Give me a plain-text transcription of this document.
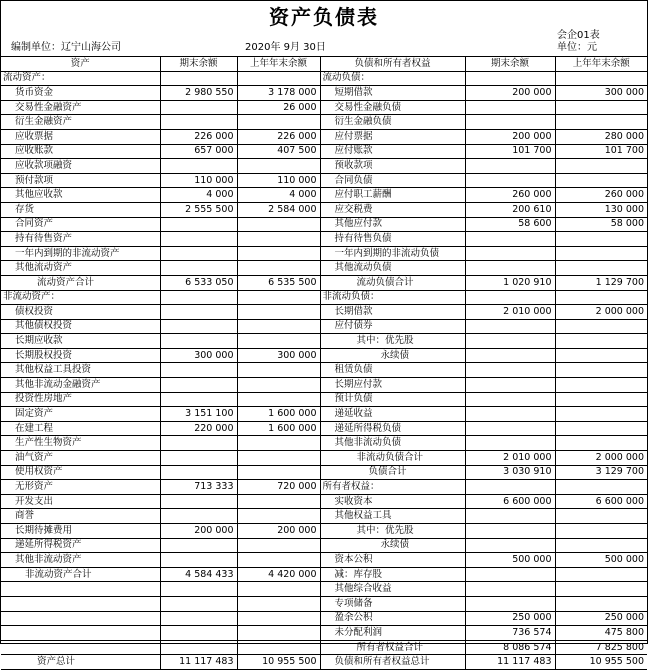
资产负债表
会企01表
单位：元
编制单位：辽宁山海公司	2020年 9月 30日
资产	期末余额	上年年末余额	负债和所有者权益	期末余额	上年年末余额
流动资产：			流动负债：		
货币资金	2 980 550	3 178 000	短期借款	200 000	300 000
交易性金融资产		26 000	交易性金融负债		
衍生金融资产			衍生金融负债		
应收票据	226 000	226 000	应付票据	200 000	280 000
应收账款	657 000	407 500	应付账款	101 700	101 700
应收款项融资			预收款项		
预付款项	110 000	110 000	合同负债		
其他应收款	4 000	4 000	应付职工薪酬	260 000	260 000
存货	2 555 500	2 584 000	应交税费	200 610	130 000
合同资产			其他应付款	58 600	58 000
持有待售资产			持有待售负债		
一年内到期的非流动资产			一年内到期的非流动负债		
其他流动资产			其他流动负债		
流动资产合计	6 533 050	6 535 500	流动负债合计	1 020 910	1 129 700
非流动资产：			非流动负债：		
债权投资			长期借款	2 010 000	2 000 000
其他债权投资			应付债券		
长期应收款			其中：优先股		
长期股权投资	300 000	300 000	永续债		
其他权益工具投资			租赁负债		
其他非流动金融资产			长期应付款		
投资性房地产			预计负债		
固定资产	3 151 100	1 600 000	递延收益		
在建工程	220 000	1 600 000	递延所得税负债		
生产性生物资产			其他非流动负债		
油气资产			非流动负债合计	2 010 000	2 000 000
使用权资产			负债合计	3 030 910	3 129 700
无形资产	713 333	720 000	所有者权益：		
开发支出			实收资本	6 600 000	6 600 000
商誉			其他权益工具		
长期待摊费用	200 000	200 000	其中：优先股		
递延所得税资产			永续债		
其他非流动资产			资本公积	500 000	500 000
非流动资产合计	4 584 433	4 420 000	减：库存股		
			其他综合收益		
			专项储备		
			盈余公积	250 000	250 000
			未分配利润	736 574	475 800
			所有者权益合计	8 086 574	7 825 800
资产总计	11 117 483	10 955 500	负债和所有者权益总计	11 117 483	10 955 500
